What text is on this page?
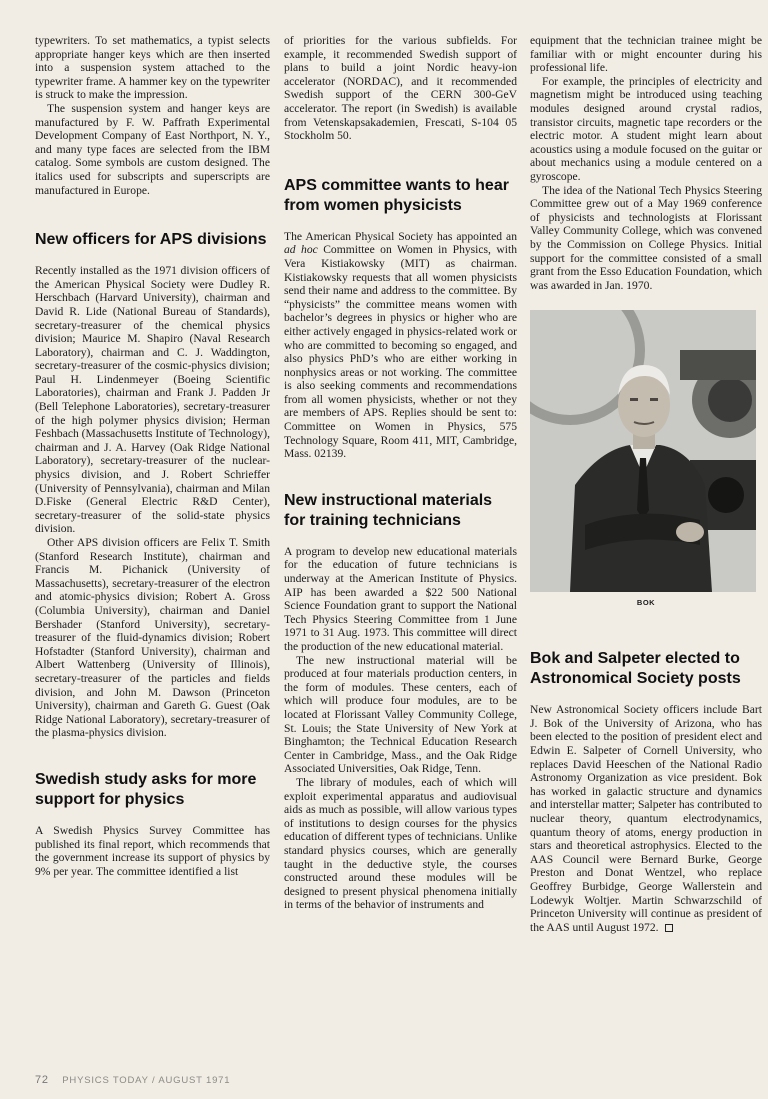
typewriters. To set mathematics, a typist selects appropriate hanger keys which are then inserted into a suspension system attached to the typewriter frame. A hammer key on the typewriter is struck to make the impression.

The suspension system and hanger keys are manufactured by F. W. Paffrath Experimental Development Company of East Northport, N. Y., and many type faces are selected from the IBM catalog. Some symbols are custom designed. The italics used for subscripts and superscripts are manufactured in Europe.

New officers for APS divisions

Recently installed as the 1971 division officers of the American Physical Society were Dudley R. Herschbach (Harvard University), chairman and David R. Lide (National Bureau of Standards), secretary-treasurer of the chemical physics division; Maurice M. Shapiro (Naval Research Laboratory), chairman and C. J. Waddington, secretary-treasurer of the cosmic-physics division; Paul H. Lindenmeyer (Boeing Scientific Laboratories), chairman and Frank J. Padden Jr (Bell Telephone Laboratories), secretary-treasurer of the high polymer physics division; Herman Feshbach (Massachusetts Institute of Technology), chairman and J. A. Harvey (Oak Ridge National Laboratory), secretary-treasurer of the nuclear-physics division, and J. Robert Schrieffer (University of Pennsylvania), chairman and Milan D.Fiske (General Electric R&D Center), secretary-treasurer of the solid-state physics division.

Other APS division officers are Felix T. Smith (Stanford Research Institute), chairman and Francis M. Pichanick (University of Massachusetts), secretary-treasurer of the electron and atomic-physics division; Robert A. Gross (Columbia University), chairman and Daniel Bershader (Stanford University), secretary-treasurer of the fluid-dynamics division; Robert Hofstadter (Stanford University), chairman and Albert Wattenberg (University of Illinois), secretary-treasurer of the particles and fields division, and John M. Dawson (Princeton University), chairman and Gareth G. Guest (Oak Ridge National Laboratory), secretary-treasurer of the plasma-physics division.

Swedish study asks for more support for physics

A Swedish Physics Survey Committee has published its final report, which recommends that the government increase its support of physics by 9% per year. The committee identified a list

of priorities for the various subfields. For example, it recommended Swedish support of plans to build a joint Nordic heavy-ion accelerator (NORDAC), and it recommended Swedish support of the CERN 300-GeV accelerator. The report (in Swedish) is available from Vetenskapsakademien, Frescati, S-104 05 Stockholm 50.

APS committee wants to hear from women physicists

The American Physical Society has appointed an ad hoc Committee on Women in Physics, with Vera Kistiakowsky (MIT) as chairman. Kistiakowsky requests that all women physicists send their name and address to the committee. By “physicists” the committee means women with bachelor’s degrees in physics or higher who are either actively engaged in physics-related work or who are committed to becoming so engaged, and also physics PhD’s who are either working in nonphysics areas or not working. The committee is also seeking comments and recommendations from all women physicists, whether or not they are members of APS. Replies should be sent to: Committee on Women in Physics, 575 Technology Square, Room 411, MIT, Cambridge, Mass. 02139.

New instructional materials for training technicians

A program to develop new educational materials for the education of future technicians is underway at the American Institute of Physics. AIP has been awarded a $22 500 National Science Foundation grant to support the National Tech Physics Steering Committee from 1 June 1971 to 31 Aug. 1973. This committee will direct the production of the new educational material.

The new instructional material will be produced at four materials production centers, in the form of modules. These centers, each of which will produce four modules, are to be located at Florissant Valley Community College, St. Louis; the State University of New York at Binghamton; the Technical Education Research Center in Cambridge, Mass., and the Oak Ridge Associated Universities, Oak Ridge, Tenn.

The library of modules, each of which will exploit experimental apparatus and audiovisual aids as much as possible, will allow various types of institutions to design courses for the physics education of different types of technicians. Unlike standard physics courses, which are generally taught in the deductive style, the courses constructed around these modules will be designed to present physical phenomena initially in terms of the behavior of instruments and

equipment that the technician trainee might be familiar with or might encounter during his professional life.

For example, the principles of electricity and magnetism might be introduced using teaching modules designed around crystal radios, transistor circuits, magnetic tape recorders or the electric motor. A student might learn about acoustics using a module focused on the guitar or about mechanics using a module centered on a gyroscope.

The idea of the National Tech Physics Steering Committee grew out of a May 1969 conference of physicists and technologists at Florissant Valley Community College, which was convened by the Commission on College Physics. Initial support for the committee consisted of a small grant from the Esso Education Foundation, which was awarded in Jan. 1970.

BOK
Bok and Salpeter elected to Astronomical Society posts

New Astronomical Society officers include Bart J. Bok of the University of Arizona, who has been elected to the position of president elect and Edwin E. Salpeter of Cornell University, who replaces David Heeschen of the National Radio Astronomy Organization as vice president. Bok has worked in galactic structure and dynamics and interstellar matter; Salpeter has contributed to nuclear theory, quantum electrodynamics, quantum theory of atoms, energy production in stars and theoretical astrophysics. Elected to the AAS Council were Bernard Burke, George Preston and Donat Wentzel, who replace Geoffrey Burbidge, George Wallerstein and Lodewyk Woltjer. Martin Schwarzschild of Princeton University will continue as president of the AAS until August 1972.

72 PHYSICS TODAY / AUGUST 1971
